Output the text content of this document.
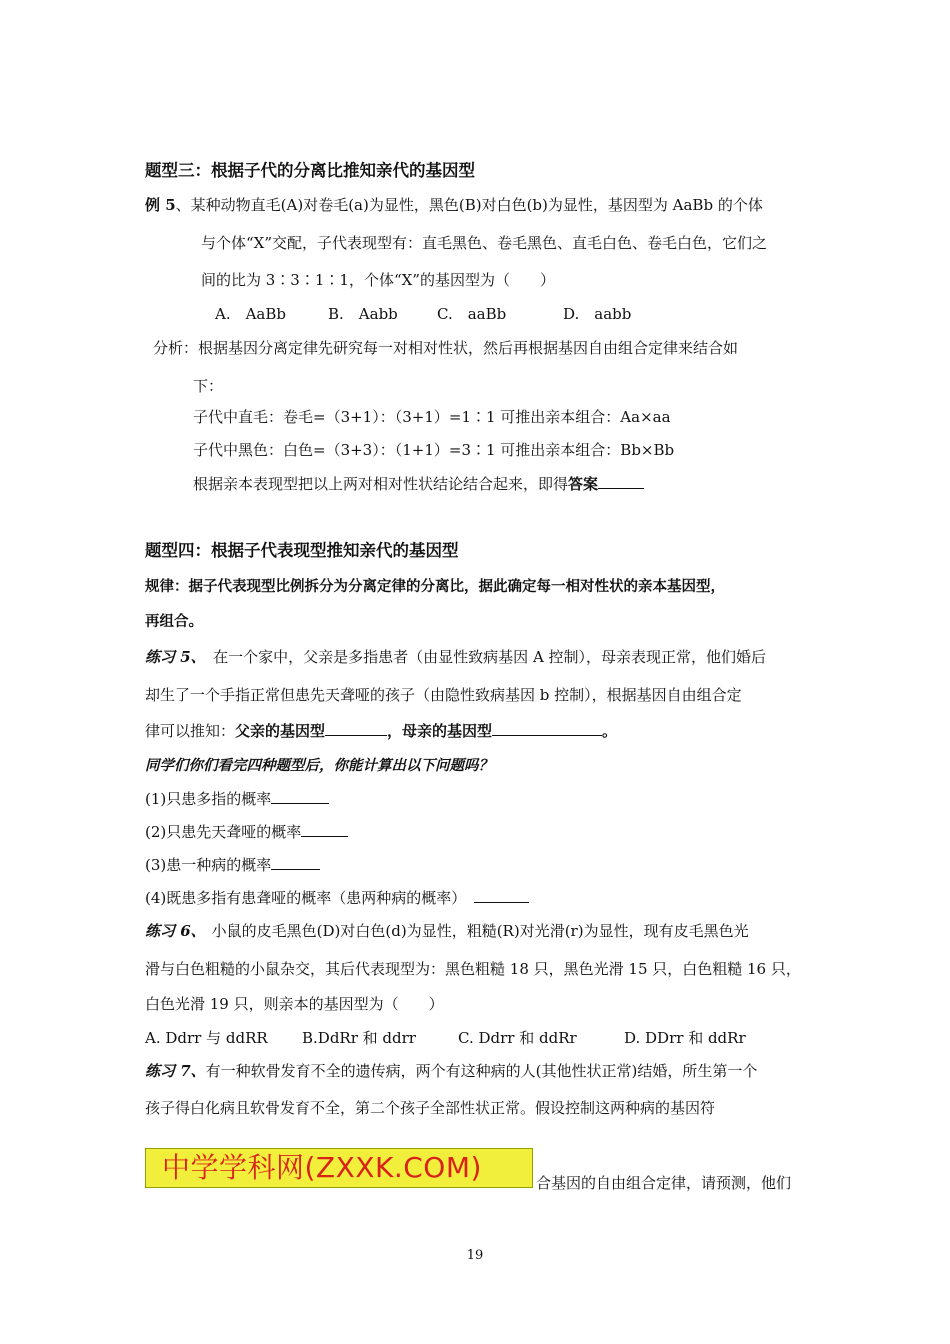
题型三：根据子代的分离比推知亲代的基因型
例 5、某种动物直毛(A)对卷毛(a)为显性，黑色(B)对白色(b)为显性，基因型为 AaBb 的个体
与个体“X”交配，子代表现型有：直毛黑色、卷毛黑色、直毛白色、卷毛白色，它们之
间的比为 3∶3∶1∶1，个体“X”的基因型为（　　）
A.　AaBb	B.　Aabb	C.　aaBb	D.　aabb
分析：根据基因分离定律先研究每一对相对性状，然后再根据基因自由组合定律来结合如
下：
子代中直毛：卷毛=（3+1）：（3+1）=1∶1 可推出亲本组合：Aa×aa
子代中黑色：白色=（3+3）：（1+1）=3∶1 可推出亲本组合：Bb×Bb
根据亲本表现型把以上两对相对性状结论结合起来，即得答案
题型四：根据子代表现型推知亲代的基因型
规律：据子代表现型比例拆分为分离定律的分离比，据此确定每一相对性状的亲本基因型，
再组合。
练习 5、　在一个家中，父亲是多指患者（由显性致病基因 A 控制），母亲表现正常，他们婚后
却生了一个手指正常但患先天聋哑的孩子（由隐性致病基因 b 控制），根据基因自由组合定
律可以推知：父亲的基因型	，母亲的基因型	。
同学们你们看完四种题型后，你能计算出以下问题吗？
(1)只患多指的概率
(2)只患先天聋哑的概率
(3)患一种病的概率
(4)既患多指有患聋哑的概率（患两种病的概率）
练习 6、 小鼠的皮毛黑色(D)对白色(d)为显性，粗糙(R)对光滑(r)为显性，现有皮毛黑色光
滑与白色粗糙的小鼠杂交，其后代表现型为：黑色粗糙 18 只，黑色光滑 15 只，白色粗糙 16 只，
白色光滑 19 只，则亲本的基因型为（　　）
A. Ddrr 与 ddRR B.DdRr 和 ddrr	C. Ddrr 和 ddRr	D. DDrr 和 ddRr
练习 7、有一种软骨发育不全的遗传病，两个有这种病的人(其他性状正常)结婚，所生第一个
孩子得白化病且软骨发育不全，第二个孩子全部性状正常。假设控制这两种病的基因符
中学学科网(ZXXK.COM)	合基因的自由组合定律，请预测，他们
19
